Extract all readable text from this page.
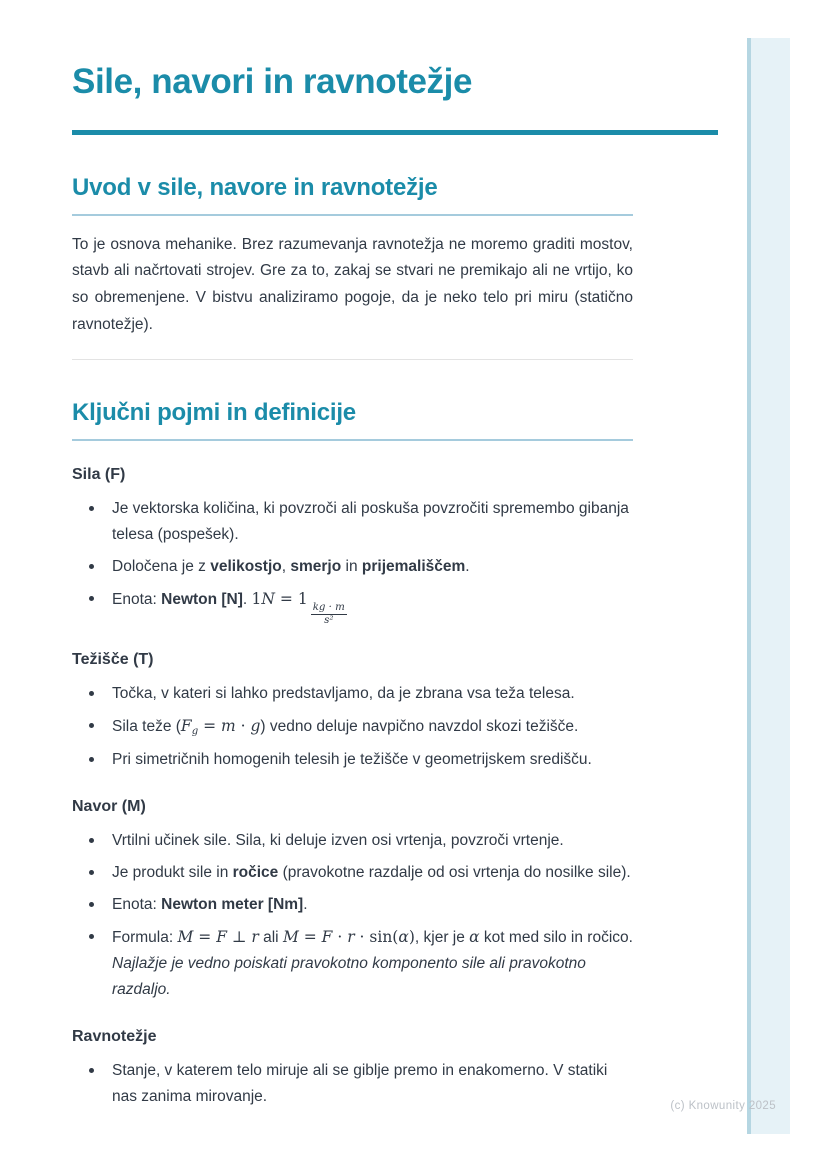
(c) Knowunity 2025
Sile, navori in ravnotežje
Uvod v sile, navore in ravnotežje

To je osnova mehanike. Brez razumevanja ravnotežja ne moremo graditi mostov, stavb ali načrtovati strojev. Gre za to, zakaj se stvari ne premikajo ali ne vrtijo, ko so obremenjene. V bistvu analiziramo pogoje, da je neko telo pri miru (statično ravnotežje).

Ključni pojmi in definicije
Sila (F)
Je vektorska količina, ki povzroči ali poskuša povzročiti spremembo gibanja telesa (pospešek).
Določena je z velikostjo, smerjo in prijemališčem.
Enota: Newton [N]. 1N = 1
$\frac{kg \cdot m}{\text{s²}}$
Težišče (T)
Točka, v kateri si lahko predstavljamo, da je zbrana vsa teža telesa.
Sila teže (Fg = m · g) vedno deluje navpično navzdol skozi težišče.
Pri simetričnih homogenih telesih je težišče v geometrijskem središču.
Navor (M)
Vrtilni učinek sile. Sila, ki deluje izven osi vrtenja, povzroči vrtenje.
Je produkt sile in ročice (pravokotne razdalje od osi vrtenja do nosilke sile).
Enota: Newton meter [Nm].
Formula: M = F ⊥ r ali M = F · r · sin(α), kjer je α kot med silo in ročico.
Najlažje je vedno poiskati pravokotno komponento sile ali pravokotno razdaljo.
Ravnotežje
Stanje, v katerem telo miruje ali se giblje premo in enakomerno. V statiki nas zanima mirovanje.
